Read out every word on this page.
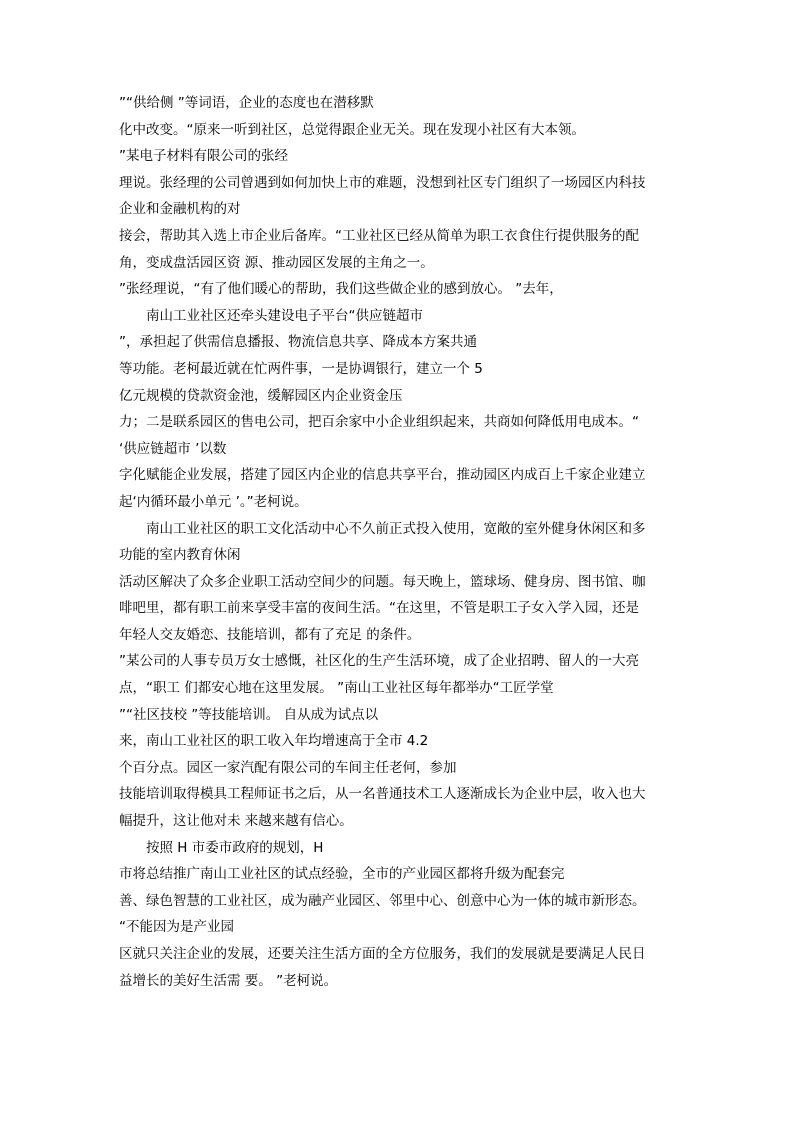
”“供给侧 ”等词语，企业的态度也在潜移默
化中改变。“原来一听到社区，总觉得跟企业无关。现在发现小社区有大本领。
”某电子材料有限公司的张经
理说。张经理的公司曾遇到如何加快上市的难题，没想到社区专门组织了一场园区内科技
企业和金融机构的对
接会，帮助其入选上市企业后备库。“工业社区已经从简单为职工衣食住行提供服务的配
角，变成盘活园区资 源、推动园区发展的主角之一。
”张经理说，“有了他们暖心的帮助，我们这些做企业的感到放心。 ”去年，
南山工业社区还牵头建设电子平台“供应链超市
”，承担起了供需信息播报、物流信息共享、降成本方案共通
等功能。老柯最近就在忙两件事，一是协调银行，建立一个 5
亿元规模的贷款资金池，缓解园区内企业资金压
力；二是联系园区的售电公司，把百余家中小企业组织起来，共商如何降低用电成本。“
‘供应链超市 ’以数
字化赋能企业发展，搭建了园区内企业的信息共享平台，推动园区内成百上千家企业建立
起‘内循环最小单元 ’。”老柯说。
南山工业社区的职工文化活动中心不久前正式投入使用，宽敞的室外健身休闲区和多
功能的室内教育休闲
活动区解决了众多企业职工活动空间少的问题。每天晚上，篮球场、健身房、图书馆、咖
啡吧里，都有职工前来享受丰富的夜间生活。“在这里，不管是职工子女入学入园，还是
年轻人交友婚恋、技能培训，都有了充足 的条件。
”某公司的人事专员万女士感慨，社区化的生产生活环境，成了企业招聘、留人的一大亮
点，“职工 们都安心地在这里发展。 ”南山工业社区每年都举办“工匠学堂
”“社区技校 ”等技能培训。 自从成为试点以
来，南山工业社区的职工收入年均增速高于全市 4.2
个百分点。园区一家汽配有限公司的车间主任老何，参加
技能培训取得模具工程师证书之后，从一名普通技术工人逐渐成长为企业中层，收入也大
幅提升，这让他对未 来越来越有信心。
按照 H 市委市政府的规划，H
市将总结推广南山工业社区的试点经验，全市的产业园区都将升级为配套完
善、绿色智慧的工业社区，成为融产业园区、邻里中心、创意中心为一体的城市新形态。
“不能因为是产业园
区就只关注企业的发展，还要关注生活方面的全方位服务，我们的发展就是要满足人民日
益增长的美好生活需 要。 ”老柯说。
